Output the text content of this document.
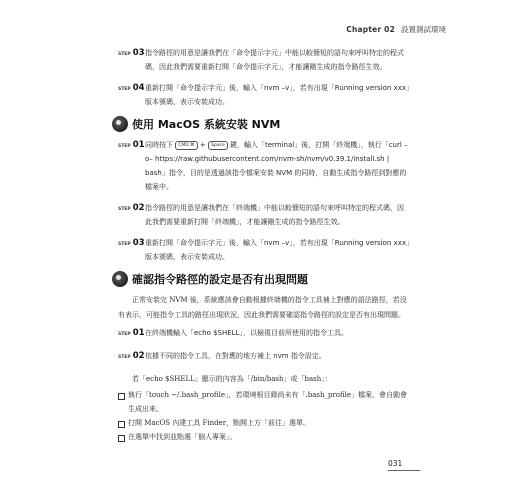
Chapter 02 設置測試環境
STEP 03 指令路徑的用意是讓我們在「命令提示字元」中能以較簡短的語句來呼叫特定的程式碼，因此我們需要重新打開「命令提示字元」，才能讓剛生成的指令路徑生效。
STEP 04 重新打開「命令提示字元」後，輸入「nvm –v」，若有出現「Running version xxx」版本號碼，表示安裝成功。
使用 MacOS 系統安裝 NVM
STEP 01 同時按下 CMD ⌘ + Space 鍵，輸入「terminal」後，打開「終端機」，執行「curl –o– https://raw.githubusercontent.com/nvm-sh/nvm/v0.39.1/install.sh | bash」指令，目的是透過該指令檔案安裝 NVM 的同時，自動生成指令路徑到對應的檔案中。
STEP 02 指令路徑的用意是讓我們在「終端機」中能以較簡短的語句來呼叫特定的程式碼，因此我們需要重新打開「終端機」，才能讓剛生成的指令路徑生效。
STEP 03 重新打開「命令提示字元」後，輸入「nvm –v」，若有出現「Running version xxx」版本號碼，表示安裝成功。
確認指令路徑的設定是否有出現問題
正常安裝完 NVM 後，系統應該會自動根據終端機的指令工具補上對應的語法路徑，若沒有表示，可能指令工具的路徑出現狀況，因此我們需要確認指令路徑的設定是否有出現問題。
STEP 01 在終端機輸入「echo $SHELL」，以檢視目前所使用的指令工具。
STEP 02 依據不同的指令工具，在對應的地方補上 nvm 指令設定。
若「echo $SHELL」顯示的內容為「/bin/bash」或「bash」：
執行「touch ~/.bash_profile」，若環境根目錄尚未有「.bash_profile」檔案，會自動會生成出來。
打開 MacOS 內建工具 Finder，點開上方「前往」選單。
在選單中找到並點選「個人專案」。
031
